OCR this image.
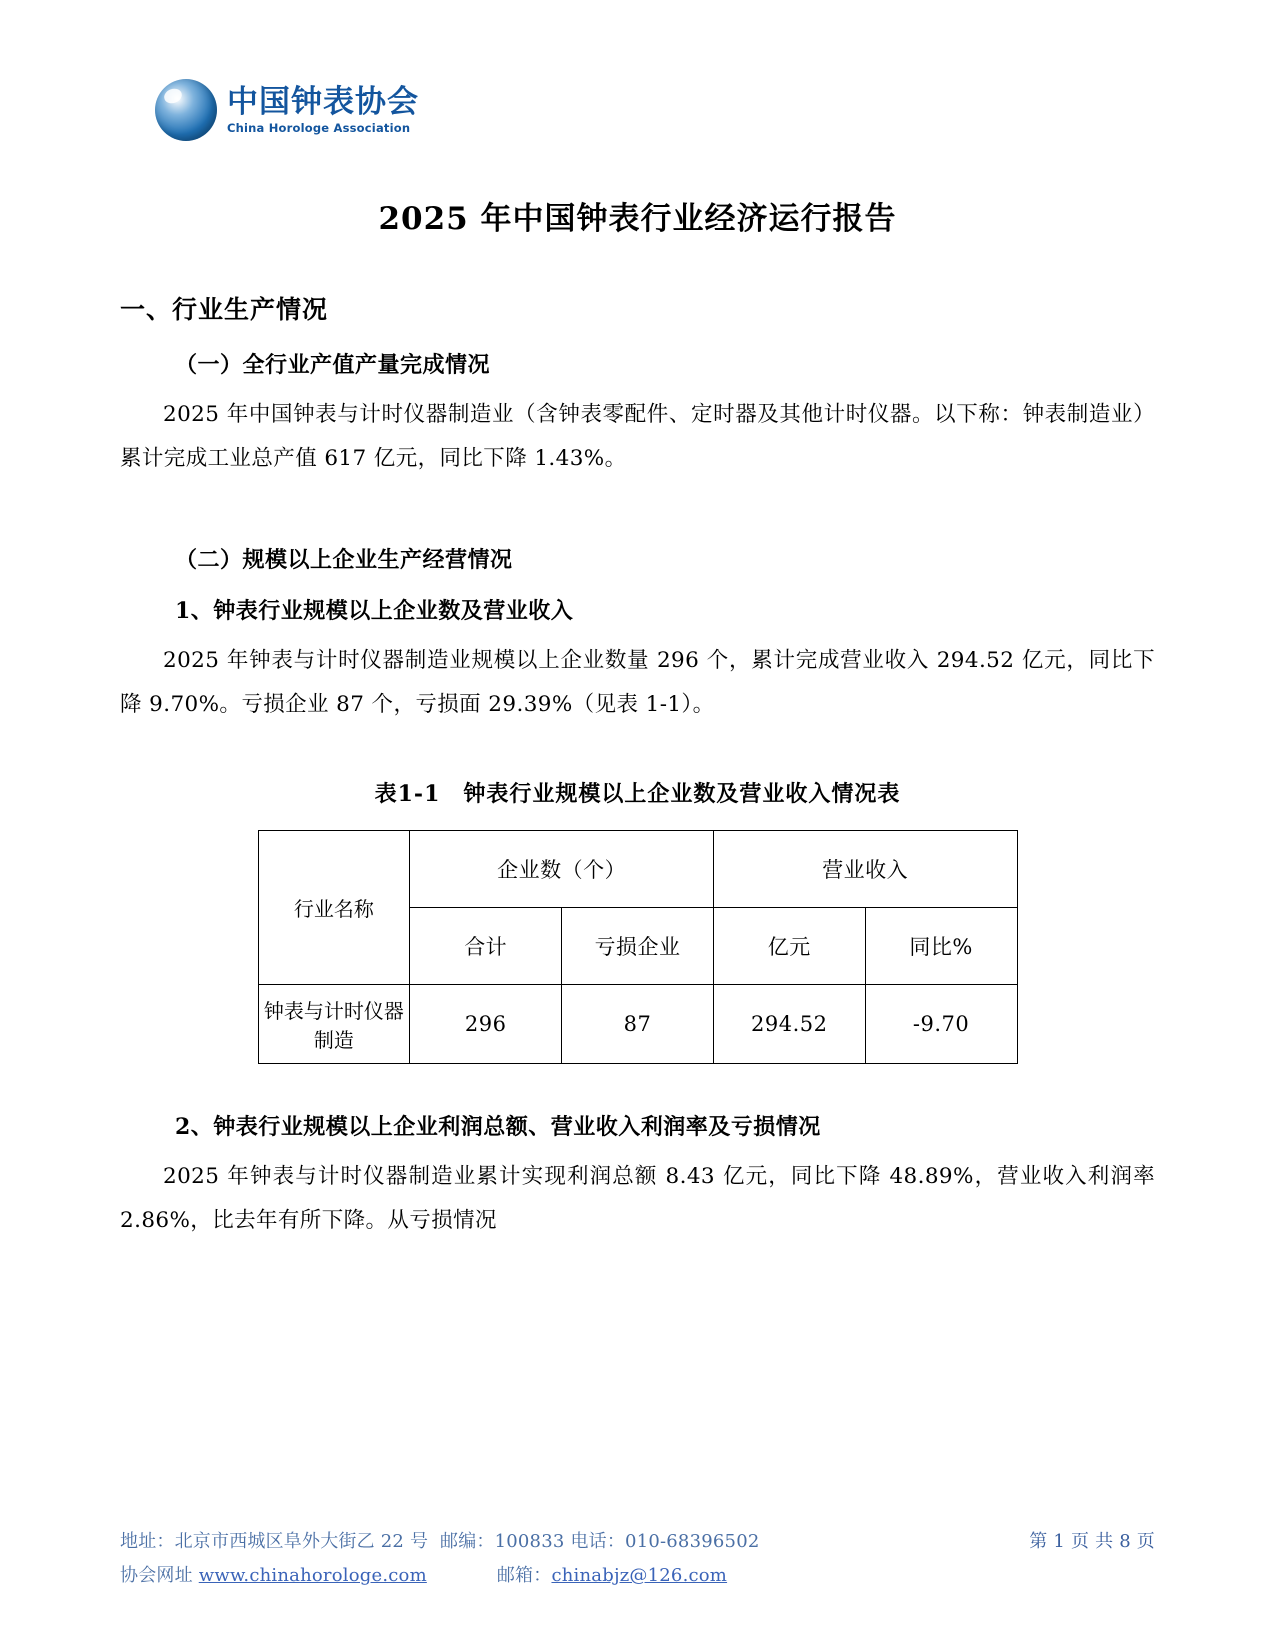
中国钟表协会
China Horologe Association
2025 年中国钟表行业经济运行报告
一、行业生产情况
（一）全行业产值产量完成情况
2025 年中国钟表与计时仪器制造业（含钟表零配件、定时器及其他计时仪器。以下称：钟表制造业）累计完成工业总产值 617 亿元，同比下降 1.43%。
（二）规模以上企业生产经营情况
1、钟表行业规模以上企业数及营业收入
2025 年钟表与计时仪器制造业规模以上企业数量 296 个，累计完成营业收入 294.52 亿元，同比下降 9.70%。亏损企业 87 个，亏损面 29.39%（见表 1-1）。
表1-1　钟表行业规模以上企业数及营业收入情况表
行业名称	企业数（个）		营业收入	
	合计	亏损企业	亿元	同比%
钟表与计时仪器制造	296	87	294.52	-9.70
2、钟表行业规模以上企业利润总额、营业收入利润率及亏损情况
2025 年钟表与计时仪器制造业累计实现利润总额 8.43 亿元，同比下降 48.89%，营业收入利润率 2.86%，比去年有所下降。从亏损情况
地址：北京市西城区阜外大街乙 22 号
邮编：100833
电话：010-68396502	第 1 页 共 8 页
协会网址
www.chinahorologe.com	邮箱： chinabjz@126.com
